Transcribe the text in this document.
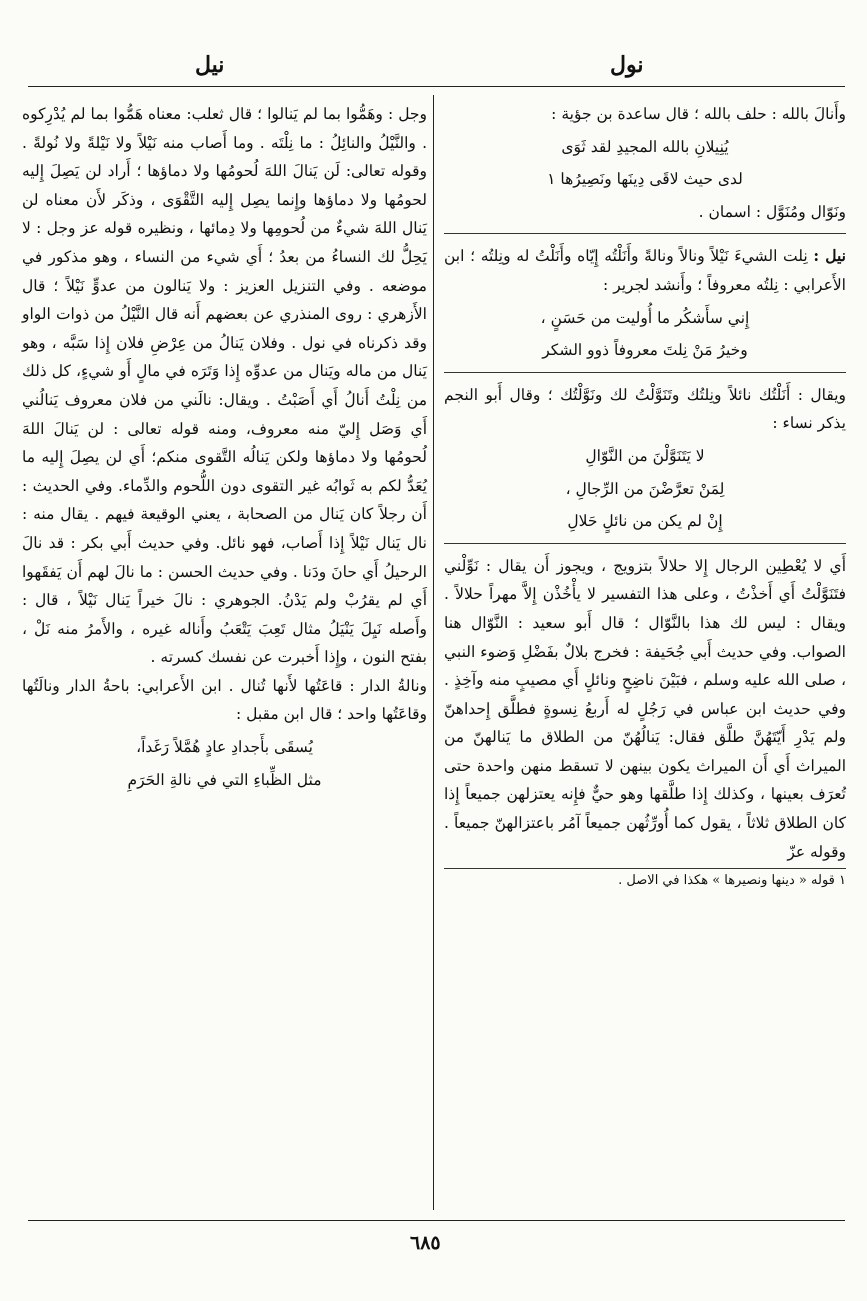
نول
نيل

وأَنالَ بالله : حلف بالله ؛ قال ساعدة بن جؤية :

يُنِيلانِ بالله المجيدِ لقد ثَوَى

لدى حيث لاقَى دِينَها ونَصِيرُها ١

ونَوّال ومُنَوَّل : اسمان .

نيل : نِلت الشيءَ نَيْلاً ونالاً ونالةً وأَنَلْتُه إِيّاه وأَنَلْتُ له ونِلتُه ؛ ابن الأَعرابي : نِلتُه معروفاً ؛ وأَنشد لجرير :

إِني سأَشكُر ما أُوليت من حَسَنٍ ،

وخيرُ مَنْ نِلتَ معروفاً ذوو الشكر

ويقال : أَنَلْتُك نائلاً ونِلتُك وتَنَوَّلْتُ لك ونَوَّلْتُك ؛ وقال أَبو النجم يذكر نساء :

لا يَتَنَوَّلْنَ من النَّوّالِ

لِمَنْ تعرَّضْنَ من الرِّجالِ ،

إِنْ لم يكن من نائلٍ حَلالِ

أَي لا يُعْطِين الرجال إِلا حلالاً بتزويج ، ويجوز أَن يقال : نَوِّلْني فتَنَوَّلْتُ أَي أَخذْتُ ، وعلى هذا التفسير لا يأْخُذْن إِلاَّ مهراً حلالاً . ويقال : ليس لك هذا بالنَّوّال ؛ قال أَبو سعيد : النَّوّال هنا الصواب. وفي حديث أَبي جُحَيفة : فخرج بلالٌ بفَضْلِ وَضوء النبي ، صلى الله عليه وسلم ، فبَيْنَ ناضِحٍ ونائلٍ أَي مصيبٍ منه وآخِذٍ . وفي حديث ابن عباس في رَجُلٍ له أَربعُ نِسوةٍ فطلَّق إِحداهنّ ولم يَدْرِ أَيّتَهُنَّ طلَّق فقال: يَنالُهُنّ من الطلاق ما يَنالهنّ من الميراث أَي أَن الميراث يكون بينهن لا تسقط منهن واحدة حتى تُعرَف بعينها ، وكذلك إِذا طلَّقها وهو حيٌّ فإِنه يعتزلهن جميعاً إِذا كان الطلاق ثلاثاً ، يقول كما أُورِّثُهن جميعاً آمُر باعتزالهنّ جميعاً . وقوله عزّ

١ قوله « دينها ونصيرها » هكذا في الاصل .

وجل : وهَمُّوا بما لم يَنالوا ؛ قال ثعلب: معناه هَمُّوا بما لم يُدْرِكوه . والنَّيْلُ والنائِلُ : ما نِلْتَه . وما أَصاب منه نَيْلاً ولا نَيْلةً ولا نُولةً . وقوله تعالى: لَن يَنالَ اللهَ لُحومُها ولا دماؤها ؛ أَراد لن يَصِلَ إِليه لحومُها ولا دماؤها وإِنما يصِل إِليه التَّقْوَى ، وذكَر لأَن معناه لن يَنال اللهَ شيءٌ من لُحومِها ولا دِمائها ، ونظيره قوله عز وجل : لا يَحِلُّ لك النساءُ من بعدُ ؛ أَي شيء من النساء ، وهو مذكور في موضعه . وفي التنزيل العزيز : ولا يَنالون من عدوٍّ نَيْلاً ؛ قال الأَزهري : روى المنذري عن بعضهم أَنه قال النَّيْلُ من ذوات الواو وقد ذكرناه في نول . وفلان يَنالُ من عِرْضِ فلان إِذا سَبَّه ، وهو يَنال من ماله ويَنال من عدوِّه إِذا وَتَرَه في مالٍ أَو شيءٍ، كل ذلك من نِلْتُ أَنالُ أَي أَصَبْتُ . ويقال: نالَني من فلان معروف يَنالُني أَي وَصَل إِليّ منه معروف، ومنه قوله تعالى : لن يَنالَ اللهَ لُحومُها ولا دماؤها ولكن يَنالُه التَّقوى منكم؛ أَي لن يصِلَ إِليه ما يُعَدُّ لكم به ثَوابُه غير التقوى دون اللُّحوم والدِّماء. وفي الحديث : أَن رجلاً كان يَنال من الصحابة ، يعني الوقيعة فيهم . يقال منه : نال يَنال نَيْلاً إِذا أَصاب، فهو نائل. وفي حديث أَبي بكر : قد نالَ الرحيلُ أَي حانَ ودَنا . وفي حديث الحسن : ما نالَ لهم أَن يَفقَهوا أَي لم يقرُبْ ولم يَدْنُ. الجوهري : نالَ خيراً يَنال نَيْلاً ، قال : وأَصله نَيِلَ يَنْيَلُ مثال تَعِبَ يَتْعَبُ وأَناله غيره ، والأَمرُ منه نَلْ ، بفتح النون ، وإِذا أَخبرت عن نفسك كسرته .

ونالةُ الدار : قاعَتُها لأَنها تُنال . ابن الأَعرابي: باحةُ الدار ونالَتُها وقاعَتُها واحد ؛ قال ابن مقبل :

يُسقَى بأَجدادِ عادٍ هُمَّلاً رَغَداً،

مثل الظِّباءِ التي في نالةِ الحَرَمِ

٦٨٥
